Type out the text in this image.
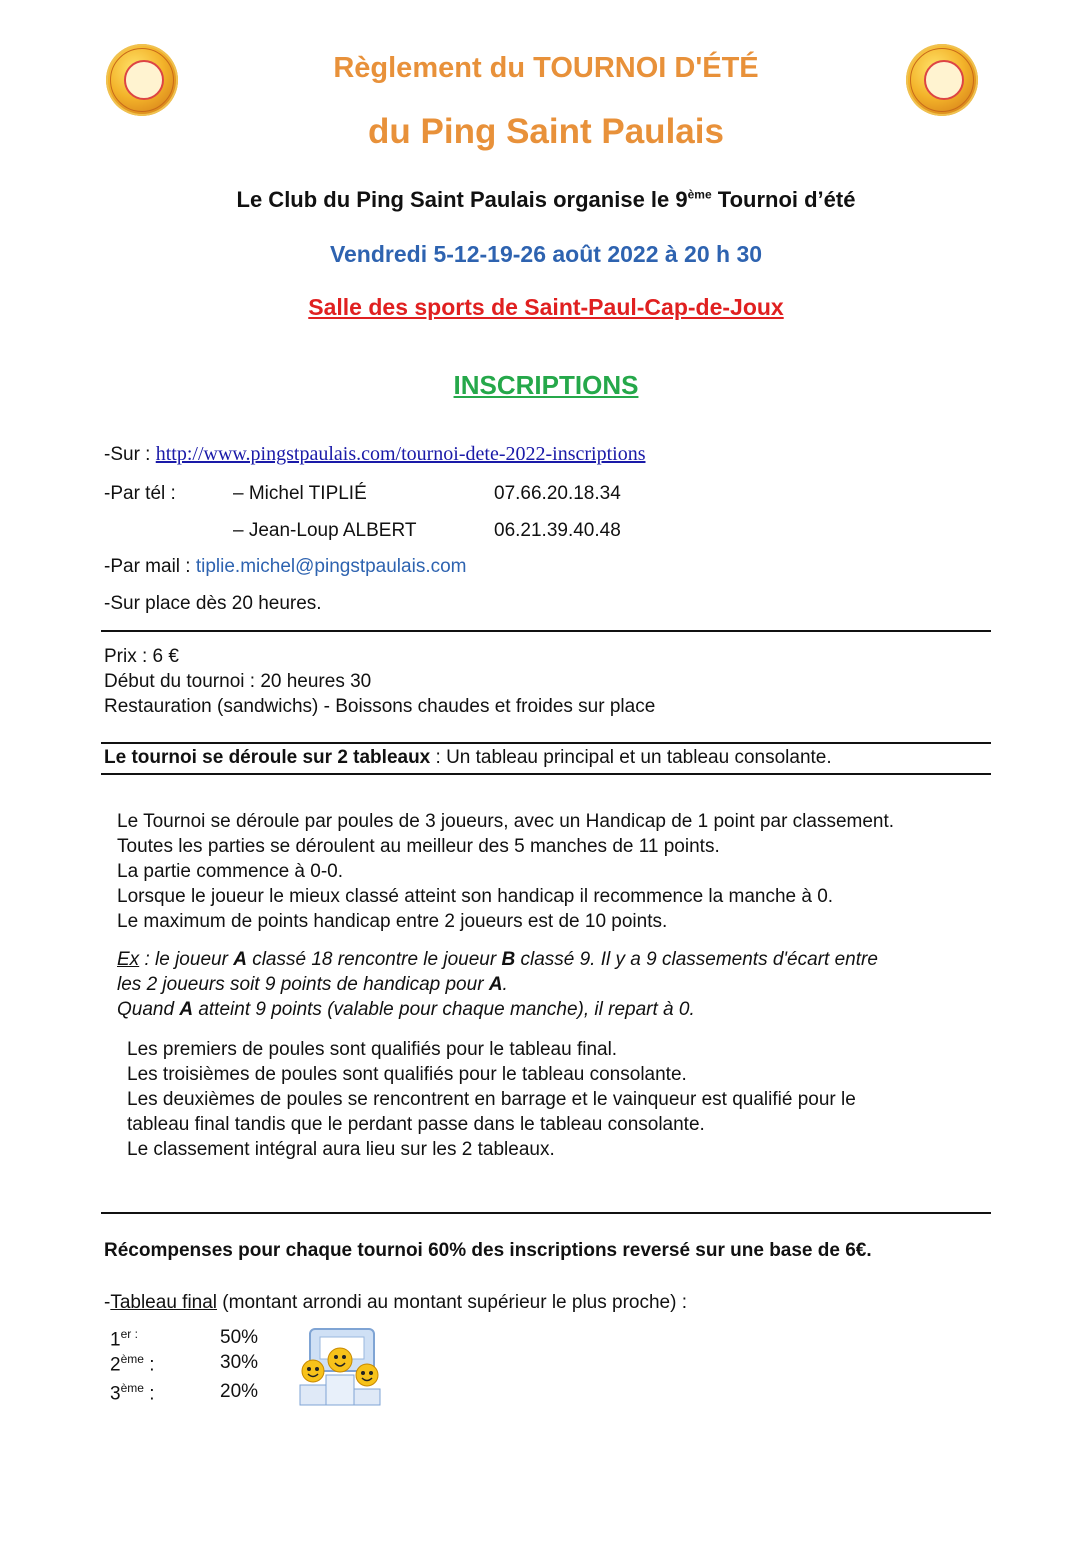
Règlement du TOURNOI D'ÉTÉ
du Ping Saint Paulais
Le Club du Ping Saint Paulais organise le 9ème Tournoi d’été
Vendredi 5-12-19-26 août 2022 à 20 h 30
Salle des sports de Saint-Paul-Cap-de-Joux
INSCRIPTIONS
-Sur : http://www.pingstpaulais.com/tournoi-dete-2022-inscriptions
-Par tél :	– Michel TIPLIÉ	07.66.20.18.34
– Jean-Loup ALBERT	06.21.39.40.48
-Par mail : tiplie.michel@pingstpaulais.com
-Sur place dès 20 heures.
Prix : 6 €
Début du tournoi : 20 heures 30
Restauration (sandwichs) - Boissons chaudes et froides sur place
Le tournoi se déroule sur 2 tableaux : Un tableau principal et un tableau consolante.
Le Tournoi se déroule par poules de 3 joueurs, avec un Handicap de 1 point par classement.
Toutes les parties se déroulent au meilleur des 5 manches de 11 points.
La partie commence à 0-0.
Lorsque le joueur le mieux classé atteint son handicap il recommence la manche à 0.
Le maximum de points handicap entre 2 joueurs est de 10 points.
Ex : le joueur A classé 18 rencontre le joueur B classé 9. Il y a 9 classements d'écart entre
les 2 joueurs soit 9 points de handicap pour A.
Quand A atteint 9 points (valable pour chaque manche), il repart à 0.
Les premiers de poules sont qualifiés pour le tableau final.
Les troisièmes de poules sont qualifiés pour le tableau consolante.
Les deuxièmes de poules se rencontrent en barrage et le vainqueur est qualifié pour le
tableau final tandis que le perdant passe dans le tableau consolante.
Le classement intégral aura lieu sur les 2 tableaux.
Récompenses pour chaque tournoi 60% des inscriptions reversé sur une base de 6€.
-Tableau final (montant arrondi au montant supérieur le plus proche) :
1er :	50%
2ème :	30%
3ème :	20%
